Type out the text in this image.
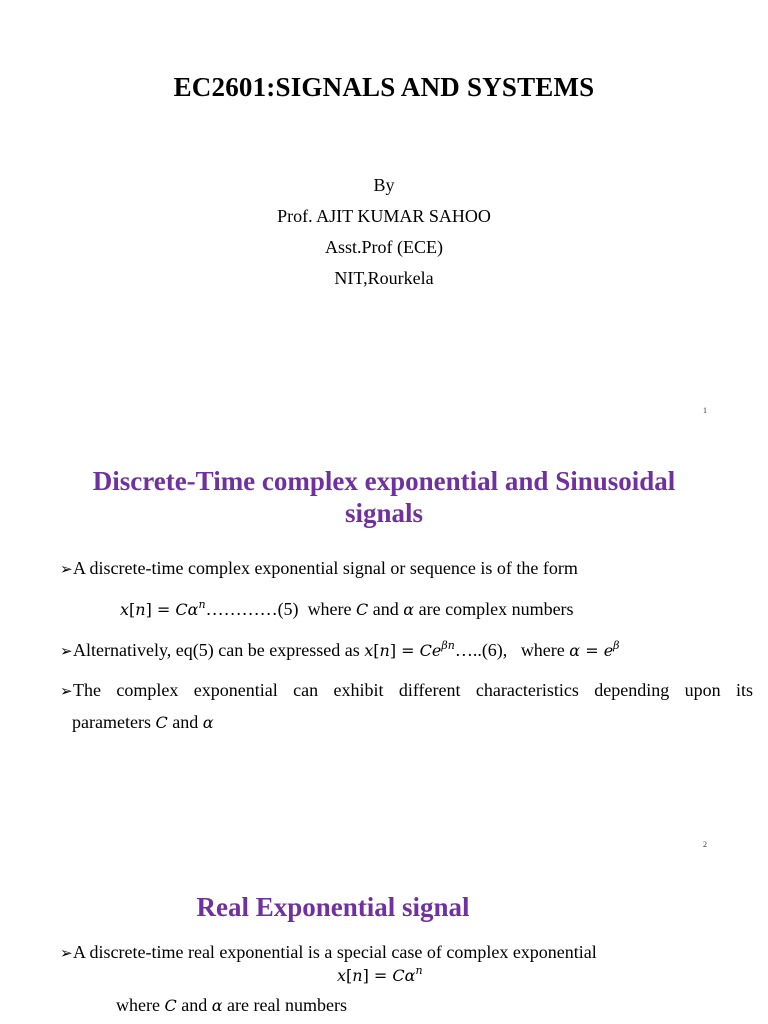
EC2601:SIGNALS AND SYSTEMS
By
Prof. AJIT KUMAR SAHOO
Asst.Prof (ECE)
NIT,Rourkela
1
Discrete-Time complex exponential and Sinusoidal
signals
➢A discrete-time complex exponential signal or sequence is of the form
$x[n] = C\alpha^n\dots\dots\dots\dots(5)$ where C and α are complex numbers
➢Alternatively, eq(5) can be expressed as $x[n] = Ce^{\beta n}\dots..(6)$, where $\alpha = e^\beta$
➢The complex exponential can exhibit different characteristics depending upon its
parameters C and α
2
Real Exponential signal
➢A discrete-time real exponential is a special case of complex exponential
$x[n] = C\alpha^n$
where C and α are real numbers
